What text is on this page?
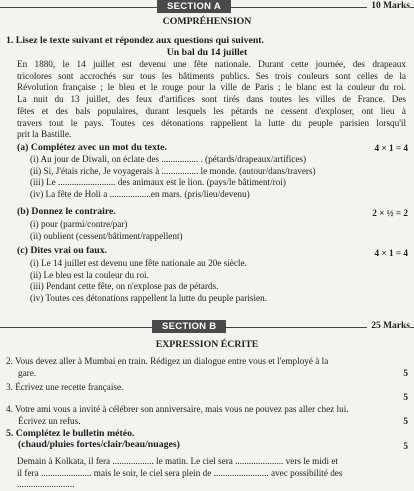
SECTION A	10 Marks
COMPRÉHENSION
1. Lisez le texte suivant et répondez aux questions qui suivent.
Un bal du 14 juillet
En 1880, le 14 juillet est devenu une fête nationale. Durant cette journée, des drapeaux
tricolores sont accrochés sur tous les bâtiments publics. Ses trois couleurs sont celles de la
Révolution française ; le bleu et le rouge pour la ville de Paris ; le blanc est la couleur du roi.
La nuit du 13 juillet, des feux d'artifices sont tirés dans toutes les villes de France. Des
fêtes et des bals populaires, durant lesquels les pétards ne cessent d'exploser, ont lieu à
travers tout le pays. Toutes ces détonations rappellent la lutte du peuple parisien lorsqu'il
prit la Bastille.
(a) Complétez avec un mot du texte.	4 × 1 = 4
(i) Au jour de Diwali, on éclate des ................ . (pétards/drapeaux/artifices)
(ii) Si, J'étais riche, Je voyagerais à ................ le monde. (autour/dans/travers)
(iii) Le ......................... des animaux est le lion. (pays/le bâtiment/roi)
(iv) La fête de Holi a ..................en mars. (pris/lieu/devenu)
(b) Donnez le contraire.	2 × ½ = 2
(i) pour (parmi/contre/par)
(ii) oublient (cessent/bâtiment/rappellent)
(c) Dites vrai ou faux.	4 × 1 = 4
(i) Le 14 juillet est devenu une fête nationale au 20e siècle.
(ii) Le bleu est la couleur du roi.
(iii) Pendant cette fête, on n'explose pas de pétards.
(iv) Toutes ces détonations rappellent la lutte du peuple parisien.
SECTION B	25 Marks
EXPRESSION ÉCRITE
2. Vous devez aller à Mumbai en train. Rédigez un dialogue entre vous et l'employé à la
gare.	5
3. Écrivez une recette française.
5
4. Votre ami vous a invité à célébrer son anniversaire, mais vous ne pouvez pas aller chez lui.
Écrivez un refus.	5
5. Complétez le bulletin météo.
(chaud/pluies fortes/clair/beau/nuages)	5
Demain à Kolkata, il fera .................. le matin. Le ciel sera ..................... vers le midi et
il fera ...................... mais le soir, le ciel sera plein de ........................ avec possibilité des
.........................
